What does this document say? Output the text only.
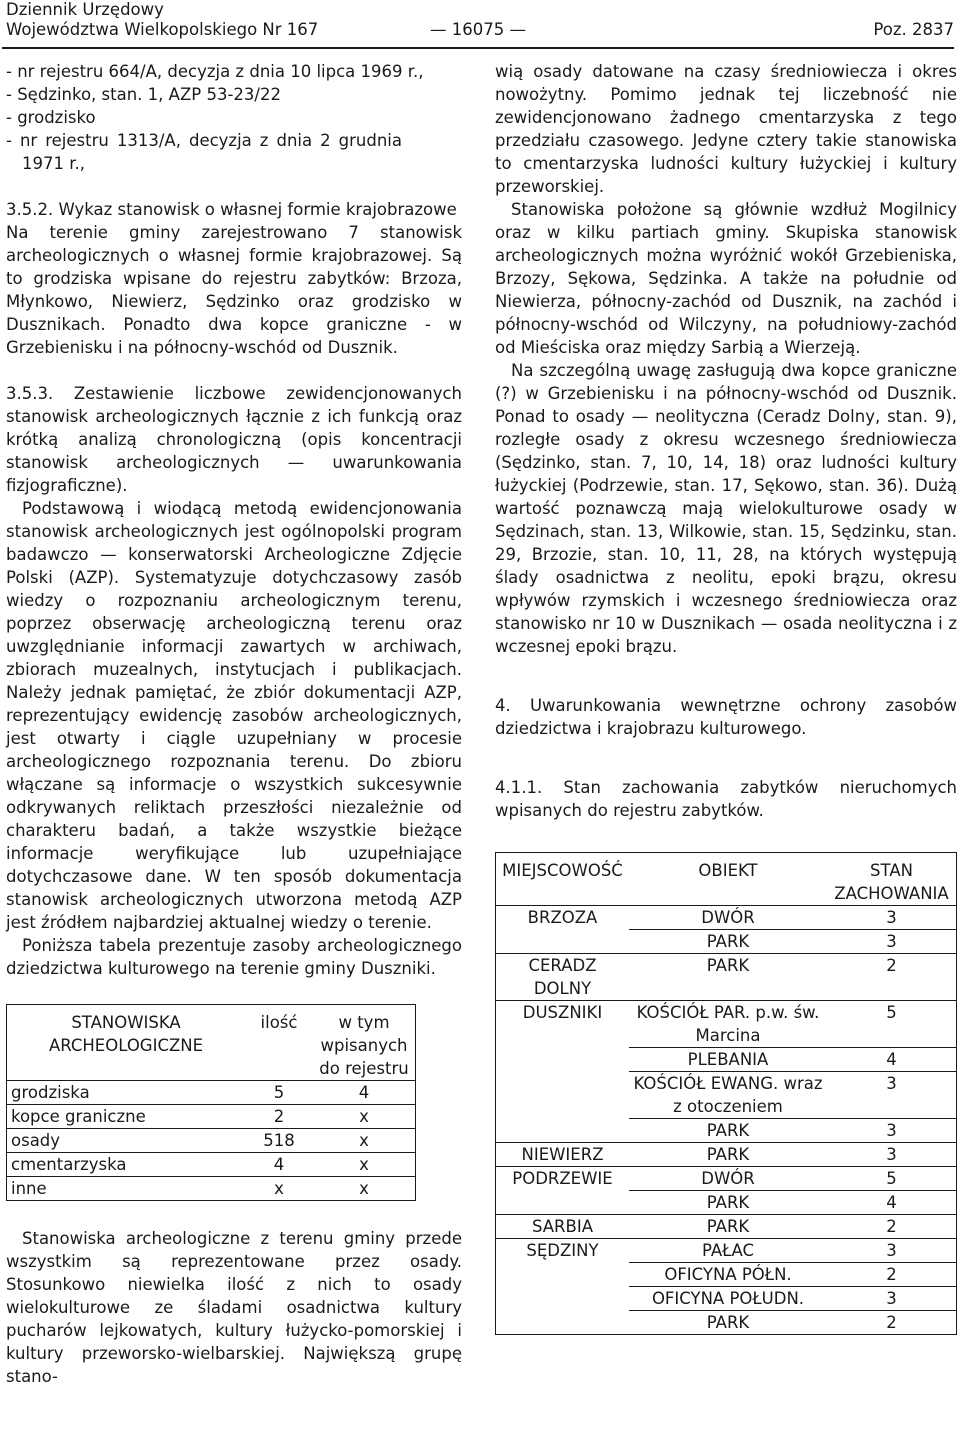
Dziennik Urzędowy
Województwa Wielkopolskiego Nr 167	— 16075 —	Poz. 2837

- nr rejestru 664/A, decyzja z dnia 10 lipca 1969 r.,

- Sędzinko, stan. 1, AZP 53-23/22

- grodzisko

- nr rejestru 1313/A, decyzja z dnia 2 grudnia 1971 r.,

3.5.2. Wykaz stanowisk o własnej formie krajobrazowe

Na terenie gminy zarejestrowano 7 stanowisk archeologicznych o własnej formie krajobrazowej. Są to grodziska wpisane do rejestru zabytków: Brzoza, Młynkowo, Niewierz, Sędzinko oraz grodzisko w Dusznikach. Ponadto dwa kopce graniczne - w Grzebienisku i na północny-wschód od Dusznik.

3.5.3. Zestawienie liczbowe zewidencjonowanych stanowisk archeologicznych łącznie z ich funkcją oraz krótką analizą chronologiczną (opis koncentracji stanowisk archeologicznych — uwarunkowania fizjograficzne).

Podstawową i wiodącą metodą ewidencjonowania stanowisk archeologicznych jest ogólnopolski program badawczo — konserwatorski Archeologiczne Zdjęcie Polski (AZP). Systematyzuje dotychczasowy zasób wiedzy o rozpoznaniu archeologicznym terenu, poprzez obserwację archeologiczną terenu oraz uwzględnianie informacji zawartych w archiwach, zbiorach muzealnych, instytucjach i publikacjach. Należy jednak pamiętać, że zbiór dokumentacji AZP, reprezentujący ewidencję zasobów archeologicznych, jest otwarty i ciągle uzupełniany w procesie archeologicznego rozpoznania terenu. Do zbioru włączane są informacje o wszystkich sukcesywnie odkrywanych reliktach przeszłości niezależnie od charakteru badań, a także wszystkie bieżące informacje weryfikujące lub uzupełniające dotychczasowe dane. W ten sposób dokumentacja stanowisk archeologicznych utworzona metodą AZP jest źródłem najbardziej aktualnej wiedzy o terenie.

Poniższa tabela prezentuje zasoby archeologicznego dziedzictwa kulturowego na terenie gminy Duszniki.

STANOWISKA ARCHEOLOGICZNE	ilość	w tym wpisanych do rejestru
grodziska	5	4
kopce graniczne	2	x
osady	518	x
cmentarzyska	4	x
inne	x	x

Stanowiska archeologiczne z terenu gminy przede wszystkim są reprezentowane przez osady. Stosunkowo niewielka ilość z nich to osady wielokulturowe ze śladami osadnictwa kultury pucharów lejkowatych, kultury łużycko-pomorskiej i kultury przeworsko-wielbarskiej. Największą grupę stano-

wią osady datowane na czasy średniowiecza i okres nowożytny. Pomimo jednak tej liczebność nie zewidencjonowano żadnego cmentarzyska z tego przedziału czasowego. Jedyne cztery takie stanowiska to cmentarzyska ludności kultury łużyckiej i kultury przeworskiej.

Stanowiska położone są głównie wzdłuż Mogilnicy oraz w kilku partiach gminy. Skupiska stanowisk archeologicznych można wyróżnić wokół Grzebieniska, Brzozy, Sękowa, Sędzinka. A także na południe od Niewierza, północny-zachód od Dusznik, na zachód i północny-wschód od Wilczyny, na południowy-zachód od Mieściska oraz między Sarbią a Wierzeją.

Na szczególną uwagę zasługują dwa kopce graniczne (?) w Grzebienisku i na północny-wschód od Dusznik. Ponad to osady — neolityczna (Ceradz Dolny, stan. 9), rozległe osady z okresu wczesnego średniowiecza (Sędzinko, stan. 7, 10, 14, 18) oraz ludności kultury łużyckiej (Podrzewie, stan. 17, Sękowo, stan. 36). Dużą wartość poznawczą mają wielokulturowe osady w Sędzinach, stan. 13, Wilkowie, stan. 15, Sędzinku, stan. 29, Brzozie, stan. 10, 11, 28, na których występują ślady osadnictwa z neolitu, epoki brązu, okresu wpływów rzymskich i wczesnego średniowiecza oraz stanowisko nr 10 w Dusznikach — osada neolityczna i z wczesnej epoki brązu.

4. Uwarunkowania wewnętrzne ochrony zasobów dziedzictwa i krajobrazu kulturowego.

4.1.1. Stan zachowania zabytków nieruchomych wpisanych do rejestru zabytków.

MIEJSCOWOŚĆ	OBIEKT	STAN ZACHOWANIA
BRZOZA	DWÓR	3
	PARK	3
CERADZ DOLNY	PARK	2
DUSZNIKI	KOŚCIÓŁ PAR. p.w. św. Marcina	5
	PLEBANIA	4
	KOŚCIÓŁ EWANG. wraz z otoczeniem	3
	PARK	3
NIEWIERZ	PARK	3
PODRZEWIE	DWÓR	5
	PARK	4
SARBIA	PARK	2
SĘDZINY	PAŁAC	3
	OFICYNA PÓŁN.	2
	OFICYNA POŁUDN.	3
	PARK	2
